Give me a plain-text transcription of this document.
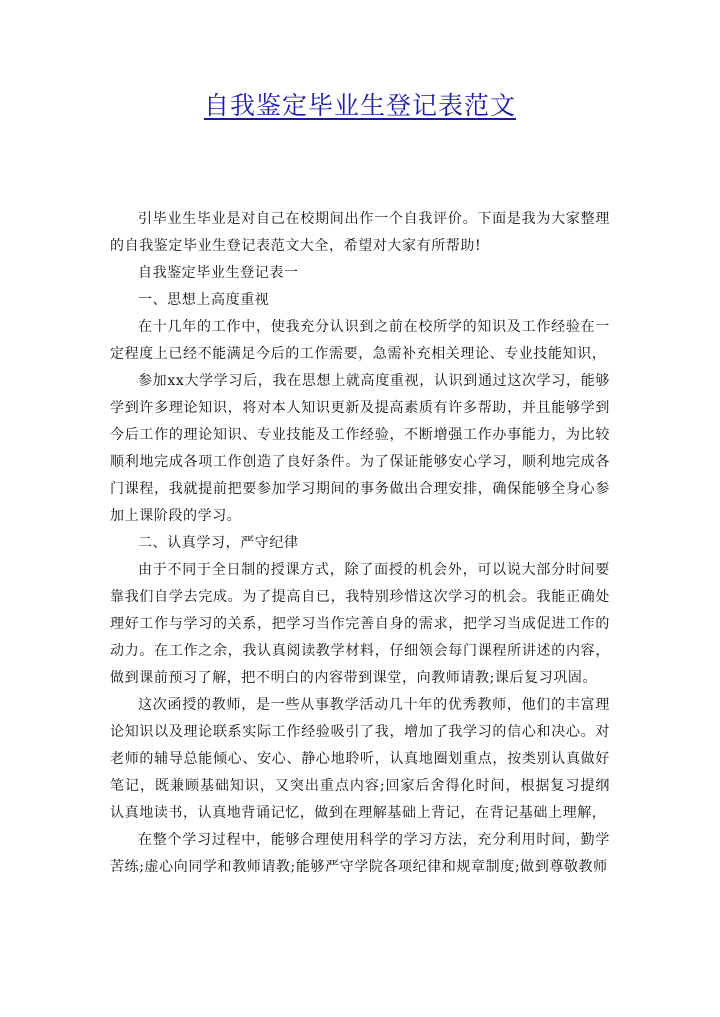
自我鉴定毕业生登记表范文

引毕业生毕业是对自己在校期间出作一个自我评价。下面是我为大家整理的自我鉴定毕业生登记表范文大全，希望对大家有所帮助!

自我鉴定毕业生登记表一

一、思想上高度重视

在十几年的工作中，使我充分认识到之前在校所学的知识及工作经验在一定程度上已经不能满足今后的工作需要，急需补充相关理论、专业技能知识，

参加xx大学学习后，我在思想上就高度重视，认识到通过这次学习，能够学到许多理论知识，将对本人知识更新及提高素质有许多帮助，并且能够学到今后工作的理论知识、专业技能及工作经验，不断增强工作办事能力，为比较顺利地完成各项工作创造了良好条件。为了保证能够安心学习，顺利地完成各门课程，我就提前把要参加学习期间的事务做出合理安排，确保能够全身心参加上课阶段的学习。

二、认真学习，严守纪律

由于不同于全日制的授课方式，除了面授的机会外，可以说大部分时间要靠我们自学去完成。为了提高自已，我特别珍惜这次学习的机会。我能正确处理好工作与学习的关系，把学习当作完善自身的需求，把学习当成促进工作的动力。在工作之余，我认真阅读教学材料，仔细领会每门课程所讲述的内容，做到课前预习了解，把不明白的内容带到课堂，向教师请教;课后复习巩固。

这次函授的教师，是一些从事教学活动几十年的优秀教师，他们的丰富理论知识以及理论联系实际工作经验吸引了我，增加了我学习的信心和决心。对老师的辅导总能倾心、安心、静心地聆听，认真地圈划重点，按类别认真做好笔记，既兼顾基础知识，又突出重点内容;回家后舍得化时间，根据复习提纲认真地读书，认真地背诵记忆，做到在理解基础上背记，在背记基础上理解，

在整个学习过程中，能够合理使用科学的学习方法，充分利用时间，勤学苦练;虚心向同学和教师请教;能够严守学院各项纪律和规章制度;做到尊敬教师
